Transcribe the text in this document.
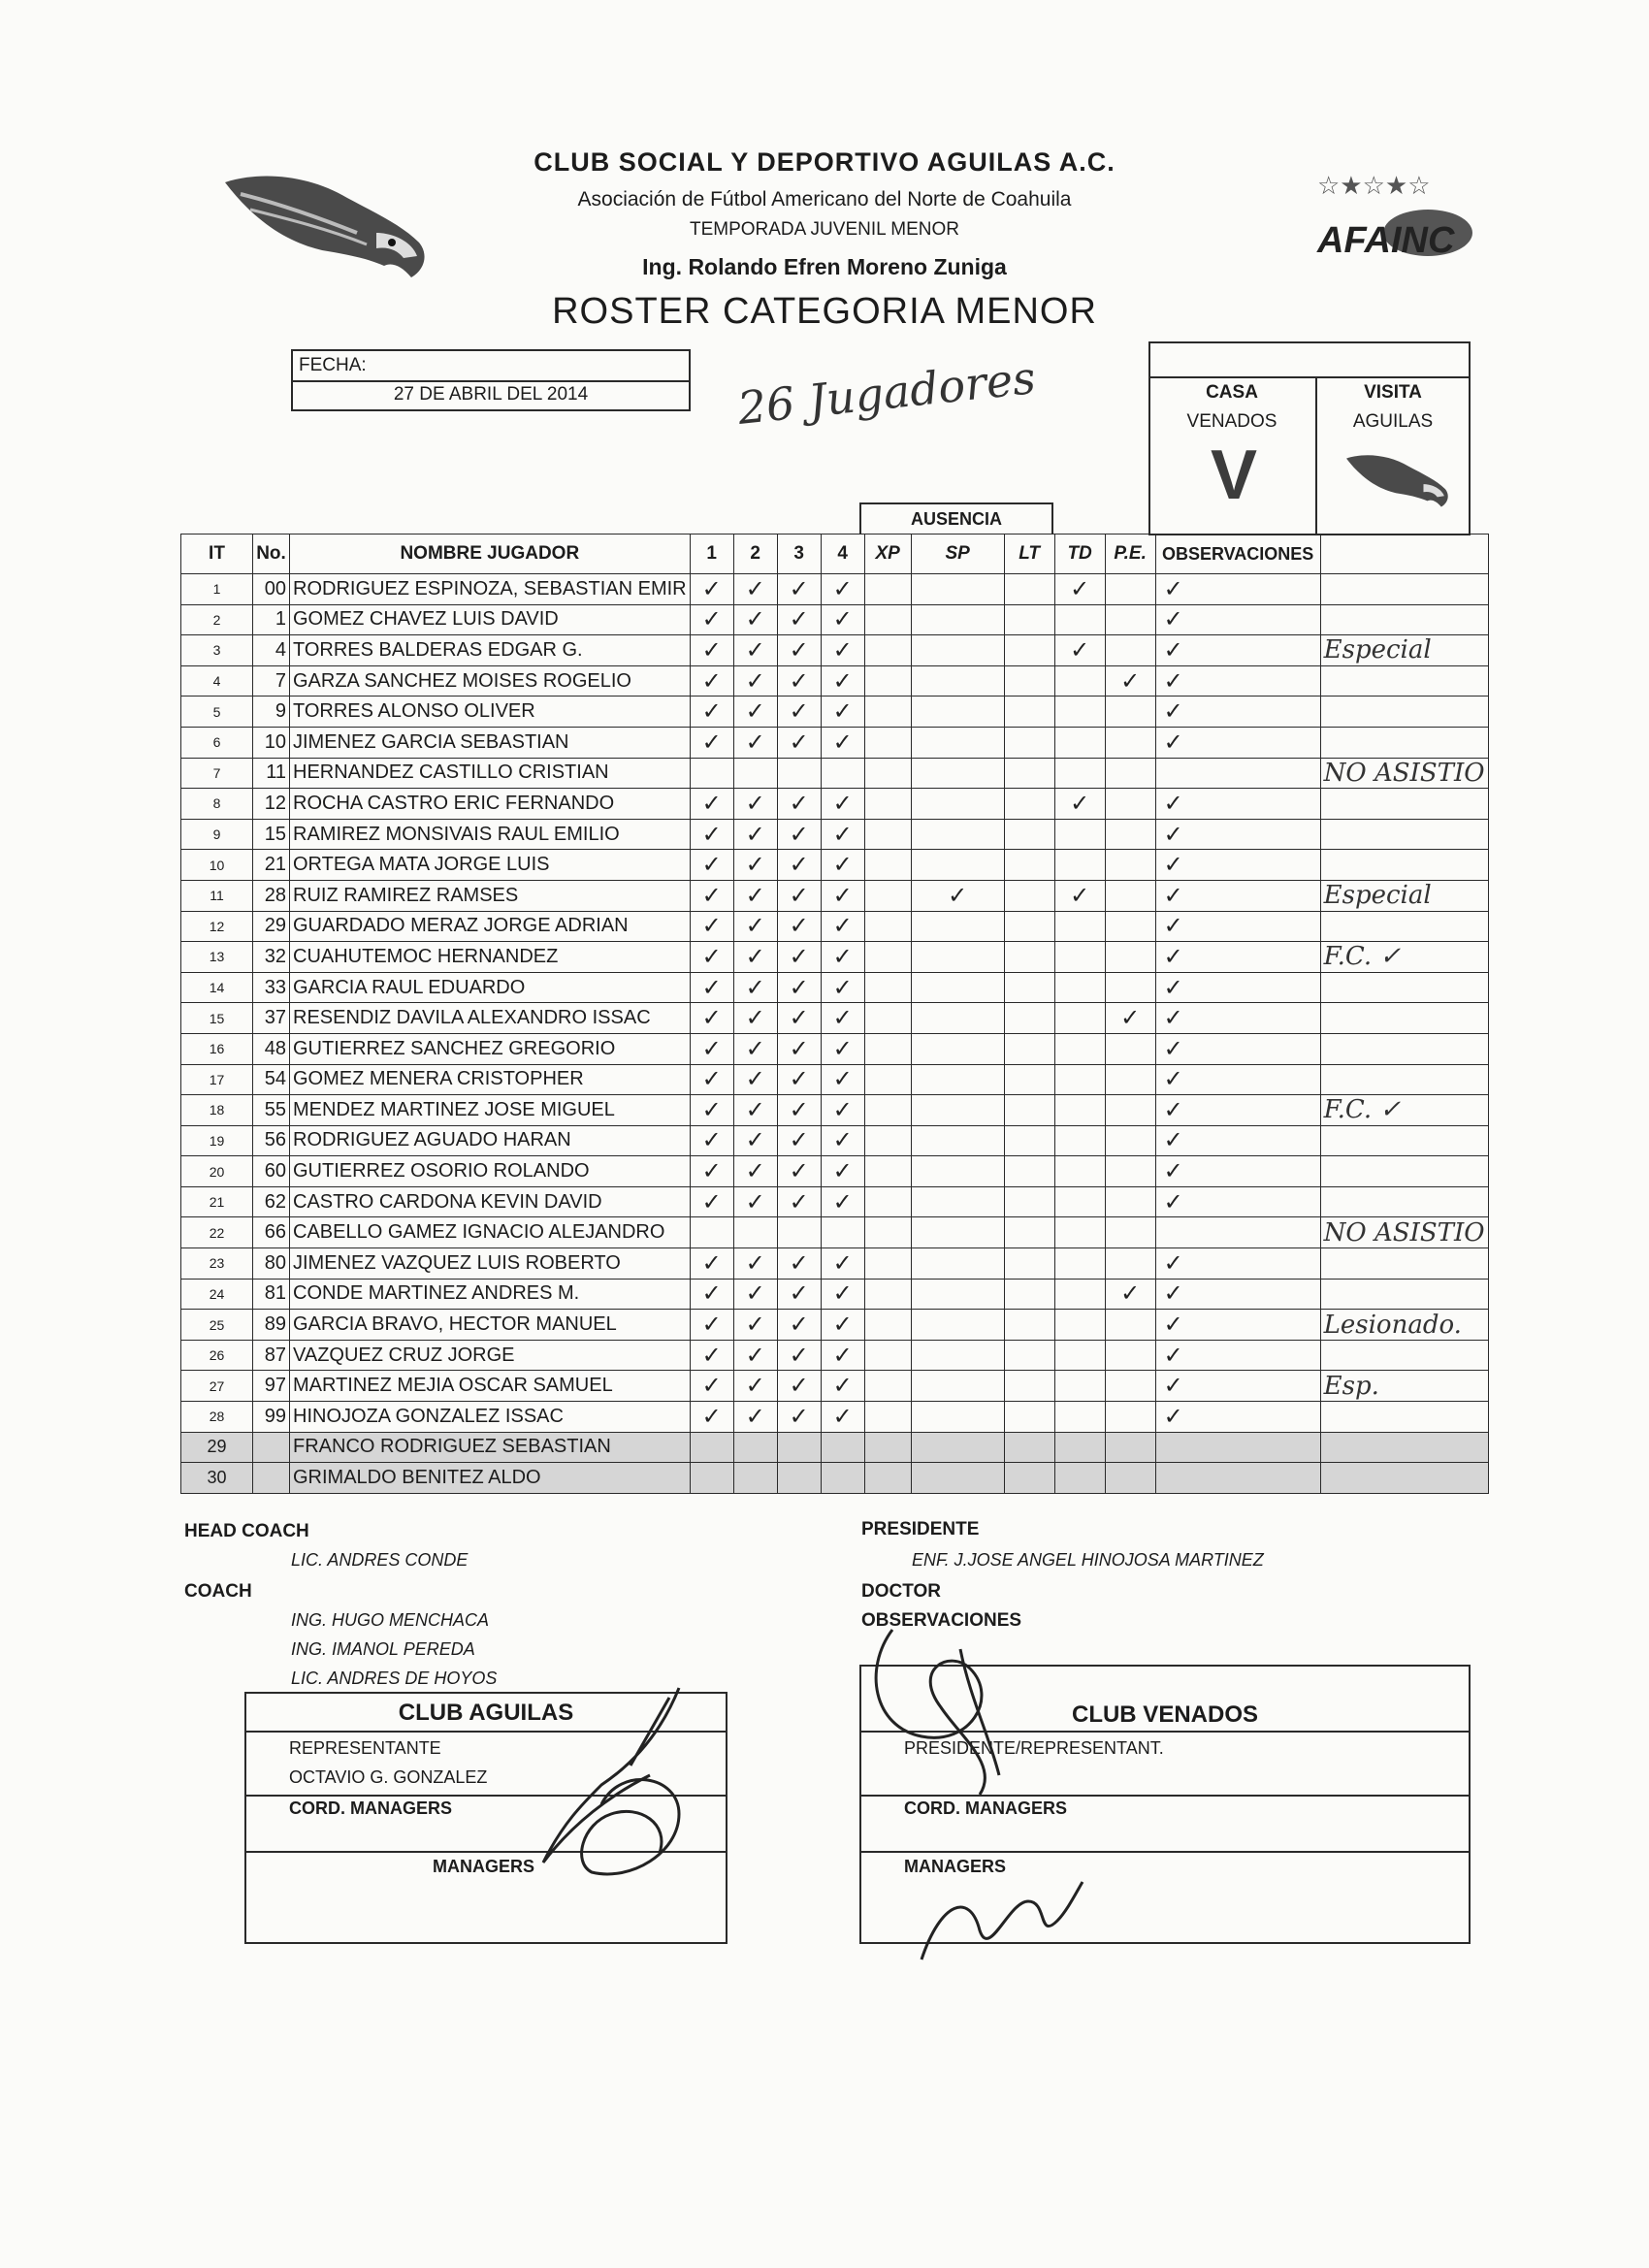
☆★☆★☆
AFAINC
CLUB SOCIAL Y DEPORTIVO AGUILAS A.C.
Asociación de Fútbol Americano del Norte de Coahuila
TEMPORADA JUVENIL MENOR
Ing. Rolando Efren Moreno Zuniga
ROSTER CATEGORIA MENOR
FECHA:
27 DE ABRIL DEL 2014	26 Jugadores	CASA
VENADOS
VISITA
AGUILAS
V
AUSENCIA
IT	No.	NOMBRE JUGADOR	1	2	3	4	XP	SP	LT	TD	P.E.	OBSERVACIONES	
1	00	RODRIGUEZ ESPINOZA, SEBASTIAN EMIR	✓	✓	✓	✓				✓		✓	
2	1	GOMEZ CHAVEZ LUIS DAVID	✓	✓	✓	✓						✓	
3	4	TORRES BALDERAS EDGAR G.	✓	✓	✓	✓				✓		✓	Especial
4	7	GARZA SANCHEZ MOISES ROGELIO	✓	✓	✓	✓					✓	✓	
5	9	TORRES ALONSO OLIVER	✓	✓	✓	✓						✓	
6	10	JIMENEZ GARCIA SEBASTIAN	✓	✓	✓	✓						✓	
7	11	HERNANDEZ CASTILLO CRISTIAN											NO ASISTIO
8	12	ROCHA CASTRO ERIC FERNANDO	✓	✓	✓	✓				✓		✓	
9	15	RAMIREZ MONSIVAIS RAUL EMILIO	✓	✓	✓	✓						✓	
10	21	ORTEGA MATA JORGE LUIS	✓	✓	✓	✓						✓	
11	28	RUIZ RAMIREZ RAMSES	✓	✓	✓	✓		✓		✓		✓	Especial
12	29	GUARDADO MERAZ JORGE ADRIAN	✓	✓	✓	✓						✓	
13	32	CUAHUTEMOC HERNANDEZ	✓	✓	✓	✓						✓	F.C. ✓
14	33	GARCIA RAUL EDUARDO	✓	✓	✓	✓						✓	
15	37	RESENDIZ DAVILA ALEXANDRO ISSAC	✓	✓	✓	✓					✓	✓	
16	48	GUTIERREZ SANCHEZ GREGORIO	✓	✓	✓	✓						✓	
17	54	GOMEZ MENERA CRISTOPHER	✓	✓	✓	✓						✓	
18	55	MENDEZ MARTINEZ JOSE MIGUEL	✓	✓	✓	✓						✓	F.C. ✓
19	56	RODRIGUEZ AGUADO HARAN	✓	✓	✓	✓						✓	
20	60	GUTIERREZ OSORIO ROLANDO	✓	✓	✓	✓						✓	
21	62	CASTRO CARDONA KEVIN DAVID	✓	✓	✓	✓						✓	
22	66	CABELLO GAMEZ IGNACIO ALEJANDRO											NO ASISTIO
23	80	JIMENEZ VAZQUEZ LUIS ROBERTO	✓	✓	✓	✓						✓	
24	81	CONDE MARTINEZ ANDRES M.	✓	✓	✓	✓					✓	✓	
25	89	GARCIA BRAVO, HECTOR MANUEL	✓	✓	✓	✓						✓	Lesionado.
26	87	VAZQUEZ CRUZ JORGE	✓	✓	✓	✓						✓	
27	97	MARTINEZ MEJIA OSCAR SAMUEL	✓	✓	✓	✓						✓	Esp.
28	99	HINOJOZA GONZALEZ ISSAC	✓	✓	✓	✓						✓	
29		FRANCO RODRIGUEZ SEBASTIAN											
30		GRIMALDO BENITEZ ALDO											
HEAD COACH
LIC. ANDRES CONDE
COACH
ING. HUGO MENCHACA
ING. IMANOL PEREDA
LIC. ANDRES DE HOYOS
PRESIDENTE
ENF. J.JOSE ANGEL HINOJOSA MARTINEZ
DOCTOR
OBSERVACIONES
CLUB AGUILAS
REPRESENTANTE
OCTAVIO G. GONZALEZ
CORD. MANAGERS
MANAGERS
CLUB VENADOS
PRESIDENTE/REPRESENTANT.
CORD. MANAGERS
MANAGERS
